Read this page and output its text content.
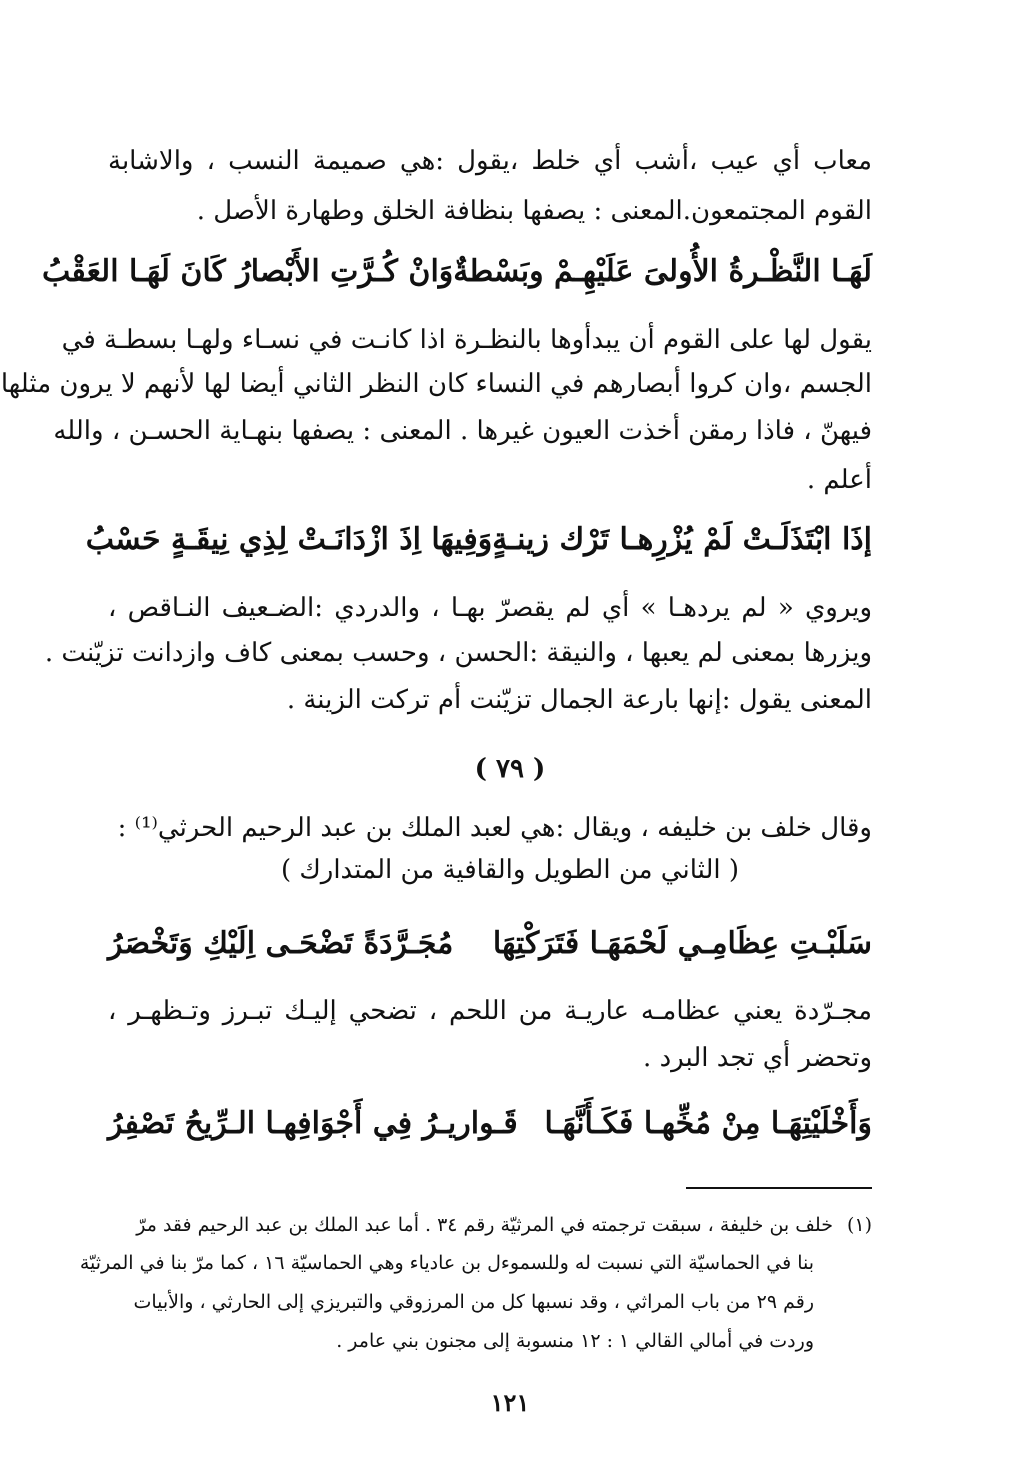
معاب أي عيب ،أشب أي خلط ،يقول :هي صميمة النسب ، والاشابة
القوم المجتمعون.المعنى : يصفها بنظافة الخلق وطهارة الأصل .
لَهَـا النَّظْـرةُ الأُولىَ عَلَيْهِـمْ وبَسْطةٌ
وَانْ كُـرَّتِ الأَبْصارُ كَانَ لَهَـا العَقْبُ
يقول لها على القوم أن يبدأوها بالنظـرة اذا كانـت في نسـاء ولهـا بسطـة في
الجسم ،وان كروا أبصارهم في النساء كان النظر الثاني أيضا لها لأنهم لا يرون مثلها
فيهنّ ، فاذا رمقن أخذت العيون غيرها . المعنى : يصفها بنهـاية الحسـن ، والله
أعلم .
إذَا ابْتَذَلَـتْ لَمْ يُزْرِهـا تَرْك زينـةٍ
وَفِيهَا اِذَ ازْدَانَـتْ لِذِي نِيقَـةٍ حَسْبُ
ويروي « لم يردهـا » أي لم يقصرّ بهـا ، والدردي :الضـعيف النـاقص ،
ويزرها بمعنى لم يعبها ، والنيقة :الحسن ، وحسب بمعنى كاف وازدانت تزيّنت .
المعنى يقول :إنها بارعة الجمال تزيّنت أم تركت الزينة .
( ٧٩ )
وقال خلف بن خليفه ، ويقال :هي لعبد الملك بن عبد الرحيم الحرثي⁽¹⁾ :
( الثاني من الطويل والقافية من المتدارك )
سَلَبْـتِ عِظَامِـي لَحْمَهَـا فَتَرَكْتِهَا
مُجَـرَّدَةً تَضْحَـى اِلَيْكِ وَتَخْصَرُ
مجـرّدة يعني عظامـه عاريـة من اللحم ، تضحي إليـك تبـرز وتـظهـر ،
وتحضر أي تجد البرد .
وَأَخْلَيْتِهَـا مِنْ مُخِّهـا فَكَـأَنَّهَـا
قَـواريـرُ فِي أَجْوَافِهـا الـرِّيحُ تَصْفِرُ
(١)خلف بن خليفة ، سبقت ترجمته في المرثيّة رقم ٣٤ . أما عبد الملك بن عبد الرحيم فقد مرّ
بنا في الحماسيّة التي نسبت له وللسموءل بن عادياء وهي الحماسيّة ١٦ ، كما مرّ بنا في المرثيّة
رقم ٢٩ من باب المراثي ، وقد نسبها كل من المرزوقي والتبريزي إلى الحارثي ، والأبيات
وردت في أمالي القالي ١ : ١٢ منسوبة إلى مجنون بني عامر .
١٢١
